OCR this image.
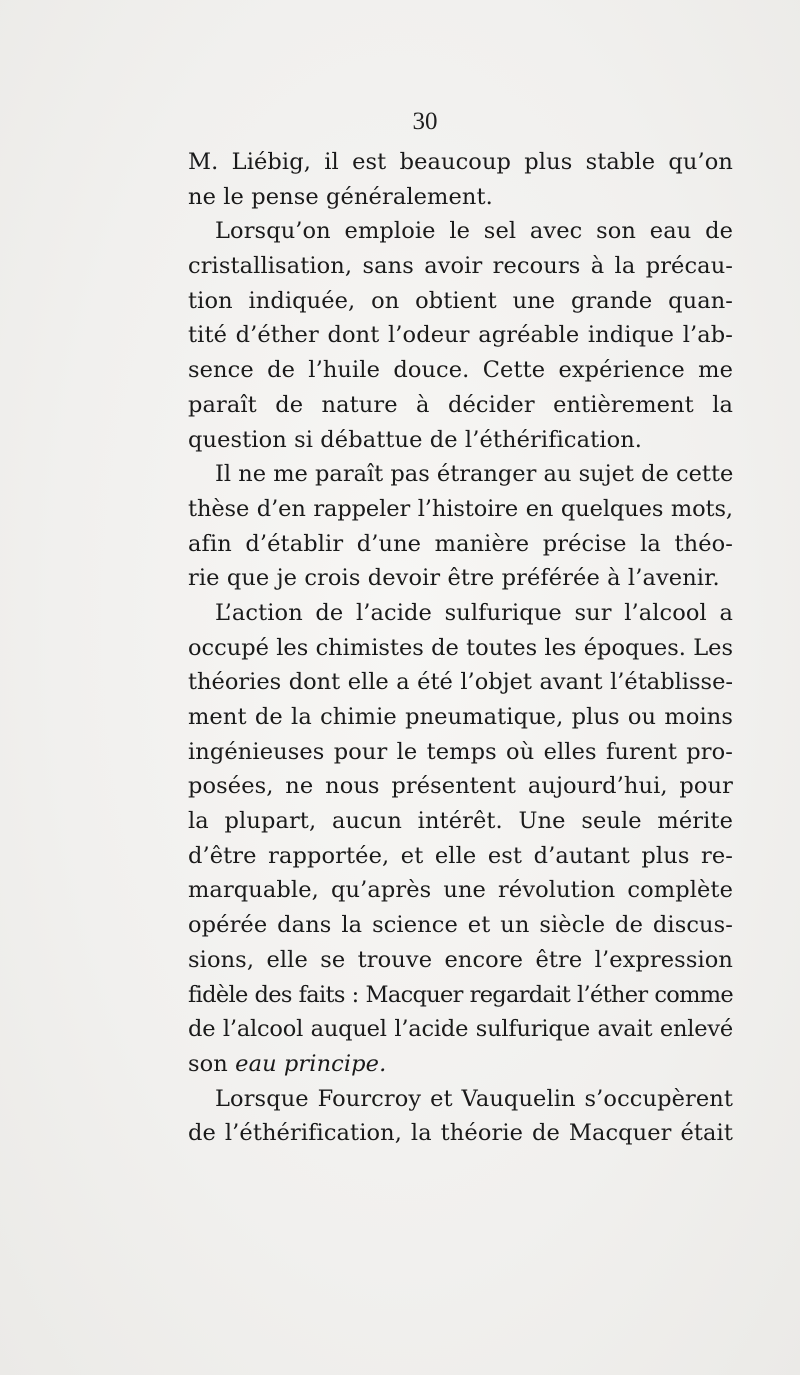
30
M. Liébig, il est beaucoup plus stable qu’on
ne le pense généralement.
Lorsqu’on emploie le sel avec son eau de
cristallisation, sans avoir recours à la précau-
tion indiquée, on obtient une grande quan-
tité d’éther dont l’odeur agréable indique l’ab-
sence de l’huile douce. Cette expérience me
paraît de nature à décider entièrement la
question si débattue de l’éthérification.
Il ne me paraît pas étranger au sujet de cette
thèse d’en rappeler l’histoire en quelques mots,
afin d’établir d’une manière précise la théo-
rie que je crois devoir être préférée à l’avenir.
L’action de l’acide sulfurique sur l’alcool a
occupé les chimistes de toutes les époques. Les
théories dont elle a été l’objet avant l’établisse-
ment de la chimie pneumatique, plus ou moins
ingénieuses pour le temps où elles furent pro-
posées, ne nous présentent aujourd’hui, pour
la plupart, aucun intérêt. Une seule mérite
d’être rapportée, et elle est d’autant plus re-
marquable, qu’après une révolution complète
opérée dans la science et un siècle de discus-
sions, elle se trouve encore être l’expression
fidèle des faits : Macquer regardait l’éther comme
de l’alcool auquel l’acide sulfurique avait enlevé
son eau principe.
Lorsque Fourcroy et Vauquelin s’occupèrent
de l’éthérification, la théorie de Macquer était
